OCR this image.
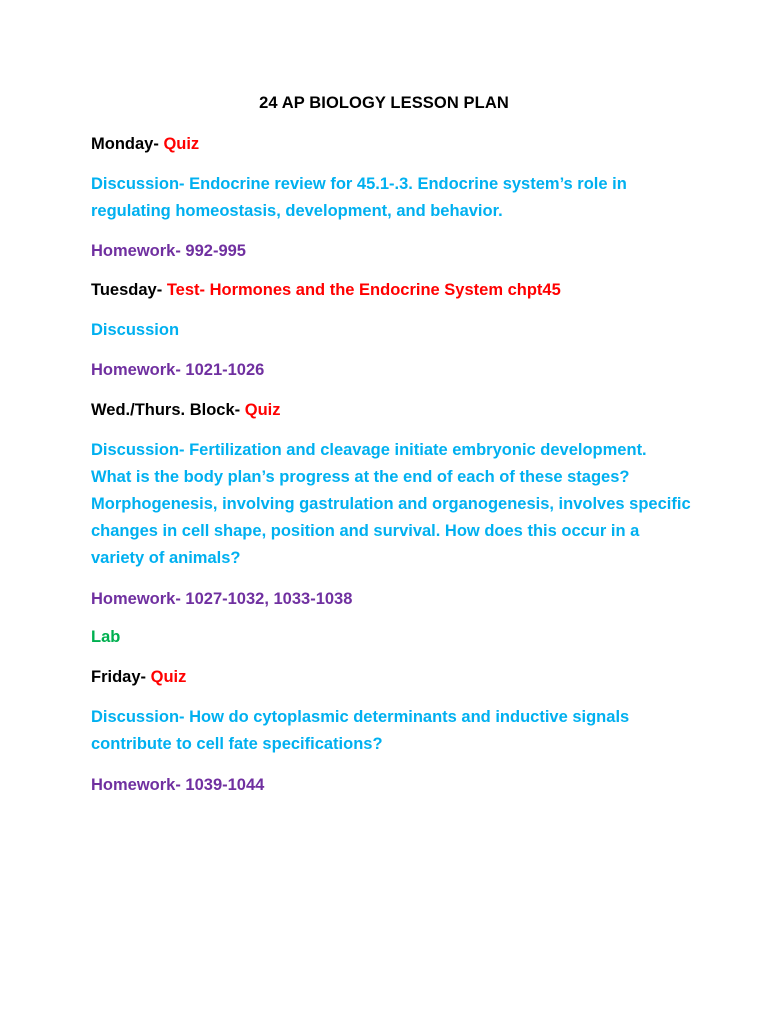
24 AP BIOLOGY LESSON PLAN
Monday- Quiz
Discussion- Endocrine review for 45.1-.3. Endocrine system’s role in
regulating homeostasis, development, and behavior.
Homework- 992-995
Tuesday- Test- Hormones and the Endocrine System chpt45
Discussion
Homework- 1021-1026
Wed./Thurs. Block- Quiz
Discussion- Fertilization and cleavage initiate embryonic development.
What is the body plan’s progress at the end of each of these stages?
Morphogenesis, involving gastrulation and organogenesis, involves specific
changes in cell shape, position and survival. How does this occur in a
variety of animals?
Homework- 1027-1032, 1033-1038
Lab
Friday- Quiz
Discussion- How do cytoplasmic determinants and inductive signals
contribute to cell fate specifications?
Homework- 1039-1044
